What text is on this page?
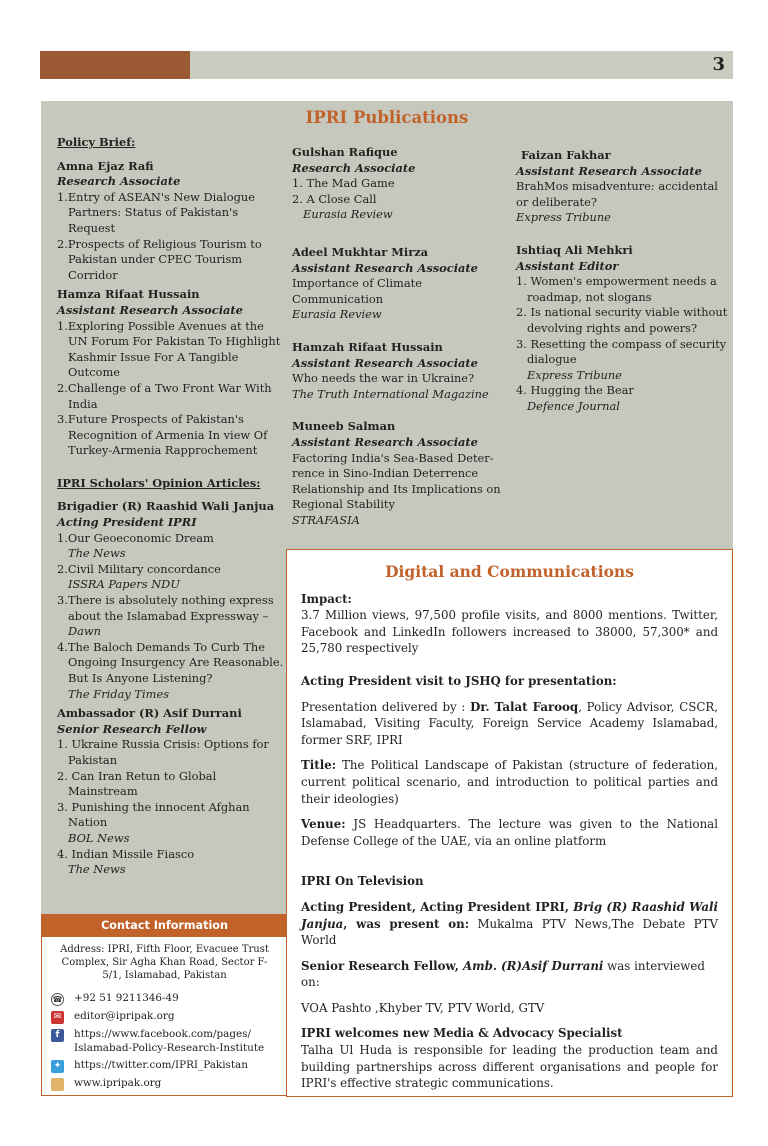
3
IPRI Publications
Policy Brief:
Amna Ejaz Rafi
Research Associate
1.Entry of ASEAN's New Dialogue Partners: Status of Pakistan's Request
2.Prospects of Religious Tourism to Pakistan under CPEC Tourism Corridor
Hamza Rifaat Hussain
Assistant Research Associate
1.Exploring Possible Avenues at the UN Forum For Pakistan To Highlight Kashmir Issue For A Tangible Outcome
2.Challenge of a Two Front War With India
3.Future Prospects of Pakistan's Recognition of Armenia In view Of Turkey-Armenia Rapprochement
IPRI Scholars' Opinion Articles:
Brigadier (R) Raashid Wali Janjua
Acting President IPRI
1.Our Geoeconomic Dream
The News
2.Civil Military concordance
ISSRA Papers NDU
3.There is absolutely nothing express about the Islamabad Expressway –
Dawn
4.The Baloch Demands To Curb The Ongoing Insurgency Are Reasonable. But Is Anyone Listening?
The Friday Times
Ambassador (R) Asif Durrani
Senior Research Fellow
1. Ukraine Russia Crisis: Options for Pakistan
2. Can Iran Retun to Global Mainstream
3. Punishing the innocent Afghan Nation
BOL News
4. Indian Missile Fiasco
The News
Gulshan Rafique
Research Associate
1. The Mad Game
2. A Close Call
Eurasia Review
Adeel Mukhtar Mirza
Assistant Research Associate
Importance of Climate Communication
Eurasia Review
Hamzah Rifaat Hussain
Assistant Research Associate
Who needs the war in Ukraine?
The Truth International Magazine
Muneeb Salman
Assistant Research Associate
Factoring India's Sea-Based Deter-rence in Sino-Indian Deterrence Relationship and Its Implications on Regional Stability
STRAFASIA
Faizan Fakhar
Assistant Research Associate
BrahMos misadventure: accidental or deliberate?
Express Tribune
Ishtiaq Ali Mehkri
Assistant Editor
1. Women's empowerment needs a roadmap, not slogans
2. Is national security viable without devolving rights and powers?
3. Resetting the compass of security dialogue
Express Tribune
4. Hugging the Bear
Defence Journal
Contact Information
Address: IPRI, Fifth Floor, Evacuee Trust Complex, Sir Agha Khan Road, Sector F-5/1, Islamabad, Pakistan
☎ +92 51 9211346-49
✉ editor@ipripak.org
f	https://www.facebook.com/pages/ Islamabad-Policy-Research-Institute
✦ https://twitter.com/IPRI_Pakistan
www.ipripak.org
Digital and Communications
Impact:
3.7 Million views, 97,500 profile visits, and 8000 mentions. Twitter, Facebook and LinkedIn followers increased to 38000, 57,300* and 25,780 respectively
Acting President visit to JSHQ for presentation:
Presentation delivered by : Dr. Talat Farooq, Policy Advisor, CSCR, Islamabad, Visiting Faculty, Foreign Service Academy Islamabad, former SRF, IPRI
Title: The Political Landscape of Pakistan (structure of federation, current political scenario, and introduction to political parties and their ideologies)
Venue: JS Headquarters. The lecture was given to the National Defense College of the UAE, via an online platform
IPRI On Television
Acting President, Acting President IPRI, Brig (R) Raashid Wali Janjua, was present on: Mukalma PTV News,The Debate PTV World
Senior Research Fellow, Amb. (R)Asif Durrani was interviewed on:
VOA Pashto ,Khyber TV, PTV World, GTV
IPRI welcomes new Media & Advocacy Specialist
Talha Ul Huda is responsible for leading the production team and building partnerships across different organisations and people for IPRI's effective strategic communications.
